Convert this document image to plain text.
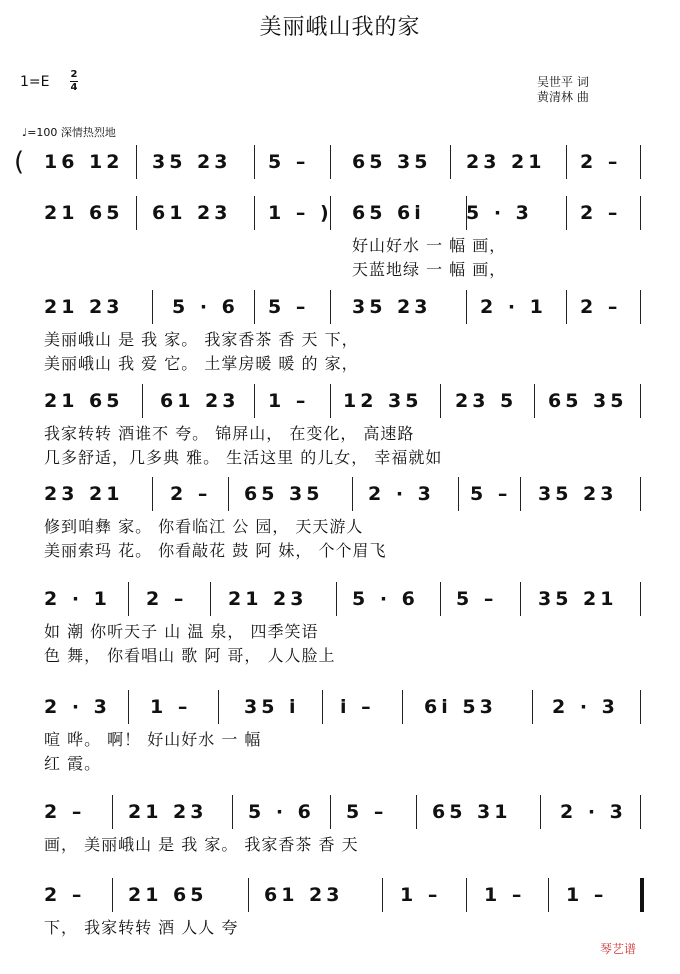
美丽峨山我的家
1=E 2
4	吴世平 词
黄清林 曲
♩=100 深情热烈地
( 16 12 35 23 5 – 65 35 23 21 2 –
21 65 61 23 1 – ) 65 6i 5 · 3 2 –
好山好水 一 幅 画，
天蓝地绿 一 幅 画，
21 23	5 · 6 5 – 35 23	2 · 1 2 –
美丽峨山 是 我 家。 我家香茶 香 天 下，
美丽峨山 我 爱 它。 土掌房暖 暖 的 家，
21 65 61 23 1 – 12 35 23 5 65 35
我家转转 酒谁不 夸。 锦屏山， 在变化， 高速路
几多舒适，几多典 雅。 生活这里 的儿女， 幸福就如
23 21 2 – 65 35 2 · 3 5 – 35 23
修到咱彝 家。 你看临江 公 园， 天天游人
美丽索玛 花。 你看敲花 鼓 阿 妹， 个个眉飞
2 · 1 2 – 21 23 5 · 6 5 – 35 21
如 潮 你听天子 山 温 泉， 四季笑语
色 舞， 你看唱山 歌 阿 哥， 人人脸上
2 · 3 1 –	35 i i –	6i 53	2 · 3
喧 哗。 啊！ 好山好水 一 幅
红 霞。
2 – 21 23 5 · 6 5 – 65 31	2 · 3
画， 美丽峨山 是 我 家。 我家香茶 香 天
2 – 21 65	61 23	1 – 1 – 1 –
下， 我家转转 酒 人人 夸
琴艺谱
